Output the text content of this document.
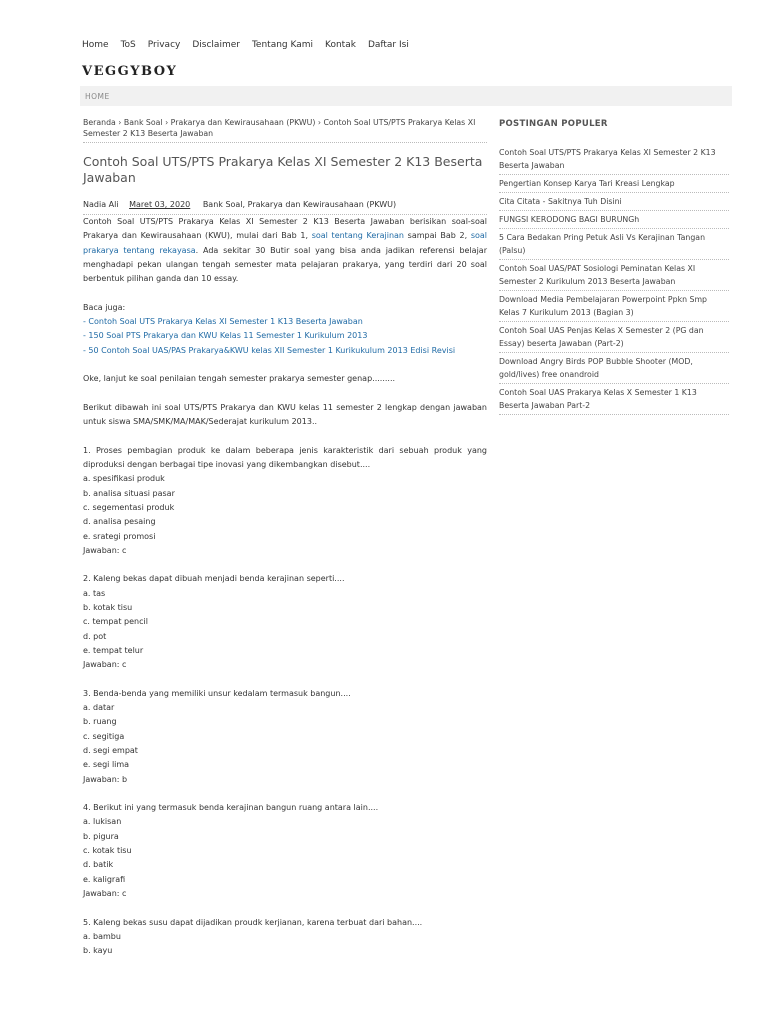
Home ToS Privacy Disclaimer Tentang Kami Kontak Daftar Isi
VEGGYBOY
HOME
Beranda › Bank Soal › Prakarya dan Kewirausahaan (PKWU) › Contoh Soal UTS/PTS Prakarya Kelas XI Semester 2 K13 Beserta Jawaban
Contoh Soal UTS/PTS Prakarya Kelas XI Semester 2 K13 Beserta Jawaban
Nadia Ali Maret 03, 2020 Bank Soal, Prakarya dan Kewirausahaan (PKWU)

Contoh Soal UTS/PTS Prakarya Kelas XI Semester 2 K13 Beserta Jawaban berisikan soal-soal Prakarya dan Kewirausahaan (KWU), mulai dari Bab 1, soal tentang Kerajinan sampai Bab 2, soal prakarya tentang rekayasa. Ada sekitar 30 Butir soal yang bisa anda jadikan referensi belajar menghadapi pekan ulangan tengah semester mata pelajaran prakarya, yang terdiri dari 20 soal berbentuk pilihan ganda dan 10 essay.

Baca juga:

- Contoh Soal UTS Prakarya Kelas XI Semester 1 K13 Beserta Jawaban

- 150 Soal PTS Prakarya dan KWU Kelas 11 Semester 1 Kurikulum 2013

- 50 Contoh Soal UAS/PAS Prakarya&KWU kelas XII Semester 1 Kurikukulum 2013 Edisi Revisi

Oke, lanjut ke soal penilaian tengah semester prakarya semester genap.........

Berikut dibawah ini soal UTS/PTS Prakarya dan KWU kelas 11 semester 2 lengkap dengan jawaban untuk siswa SMA/SMK/MA/MAK/Sederajat kurikulum 2013..

1. Proses pembagian produk ke dalam beberapa jenis karakteristik dari sebuah produk yang diproduksi dengan berbagai tipe inovasi yang dikembangkan disebut....

a. spesifikasi produk

b. analisa situasi pasar

c. segementasi produk

d. analisa pesaing

e. srategi promosi

Jawaban: c

2. Kaleng bekas dapat dibuah menjadi benda kerajinan seperti....

a. tas

b. kotak tisu

c. tempat pencil

d. pot

e. tempat telur

Jawaban: c

3. Benda-benda yang memiliki unsur kedalam termasuk bangun....

a. datar

b. ruang

c. segitiga

d. segi empat

e. segi lima

Jawaban: b

4. Berikut ini yang termasuk benda kerajinan bangun ruang antara lain....

a. lukisan

b. pigura

c. kotak tisu

d. batik

e. kaligrafi

Jawaban: c

5. Kaleng bekas susu dapat dijadikan proudk kerjianan, karena terbuat dari bahan....

a. bambu

b. kayu

POSTINGAN POPULER
Contoh Soal UTS/PTS Prakarya Kelas XI Semester 2 K13 Beserta Jawaban
Pengertian Konsep Karya Tari Kreasi Lengkap
Cita Citata - Sakitnya Tuh Disini
FUNGSI KERODONG BAGI BURUNGh
5 Cara Bedakan Pring Petuk Asli Vs Kerajinan Tangan (Palsu)
Contoh Soal UAS/PAT Sosiologi Peminatan Kelas XI Semester 2 Kurikulum 2013 Beserta Jawaban
Download Media Pembelajaran Powerpoint Ppkn Smp Kelas 7 Kurikulum 2013 (Bagian 3)
Contoh Soal UAS Penjas Kelas X Semester 2 (PG dan Essay) beserta Jawaban (Part-2)
Download Angry Birds POP Bubble Shooter (MOD, gold/lives) free onandroid
Contoh Soal UAS Prakarya Kelas X Semester 1 K13 Beserta Jawaban Part-2
